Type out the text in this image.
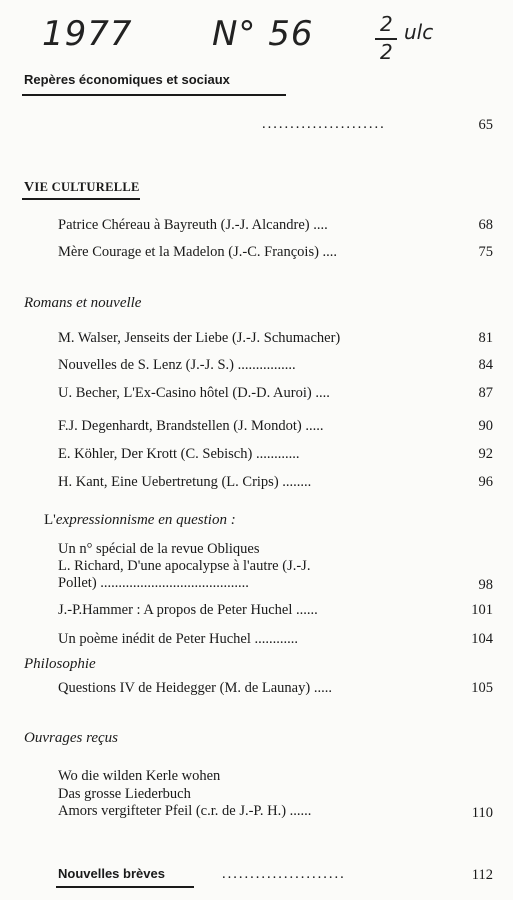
1977 N° 56	2
2
ulc
Repères économiques et sociaux
......................	65
VIE CULTURELLE
Patrice Chéreau à Bayreuth (J.-J. Alcandre) ....	68
Mère Courage et la Madelon (J.-C. François) ....	75
Romans et nouvelle
M. Walser, Jenseits der Liebe (J.-J. Schumacher)	81
Nouvelles de S. Lenz (J.-J. S.) ................	84
U. Becher, L'Ex-Casino hôtel (D.-D. Auroi) ....	87
F.J. Degenhardt, Brandstellen (J. Mondot) .....	90
E. Köhler, Der Krott (C. Sebisch) ............	92
H. Kant, Eine Uebertretung (L. Crips) ........	96
L'expressionnisme en question :
Un n° spécial de la revue Obliques
L. Richard, D'une apocalypse à l'autre (J.-J.
Pollet) .........................................	98
J.-P.Hammer : A propos de Peter Huchel ......	101
Un poème inédit de Peter Huchel ............	104
Philosophie
Questions IV de Heidegger (M. de Launay) .....	105
Ouvrages reçus
Wo die wilden Kerle wohen
Das grosse Liederbuch
Amors vergifteter Pfeil (c.r. de J.-P. H.) ......	110
Nouvelles brèves	......................	112
